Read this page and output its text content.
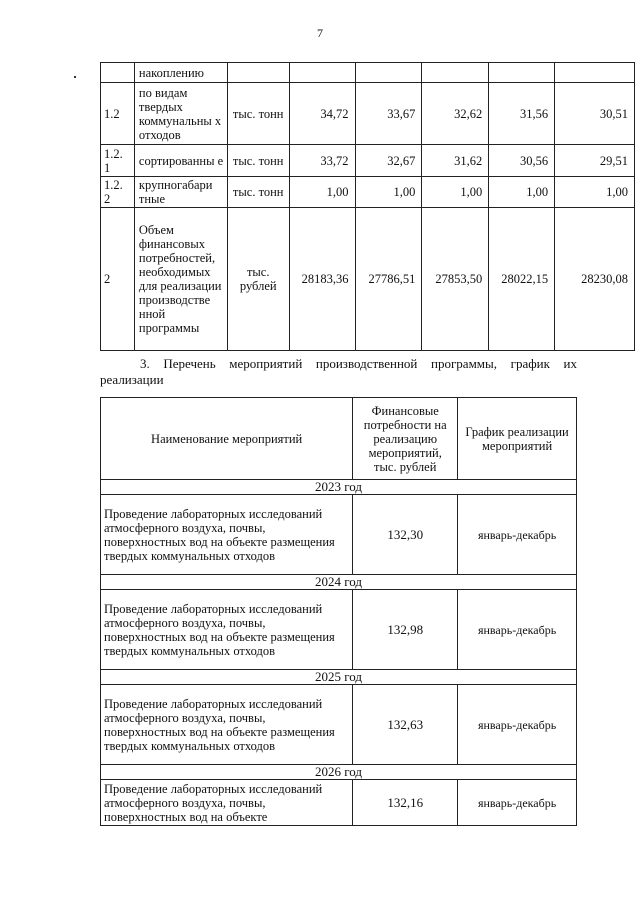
7
	накоплению						
1.2	по видам твердых коммунальны х отходов	тыс. тонн	34,72	33,67	32,62	31,56	30,51
1.2. 1	сортированны е	тыс. тонн	33,72	32,67	31,62	30,56	29,51
1.2. 2	крупногабари тные	тыс. тонн	1,00	1,00	1,00	1,00	1,00
2	Объем финансовых потребностей, необходимых для реализации производстве нной программы	тыс. рублей	28183,36	27786,51	27853,50	28022,15	28230,08
3. Перечень мероприятий производственной программы, график их реализации
Наименование мероприятий	Финансовые потребности на реализацию мероприятий, тыс. рублей	График реализации мероприятий
2023 год		
Проведение лабораторных исследований атмосферного воздуха, почвы, поверхностных вод на объекте размещения твердых коммунальных отходов	132,30	январь-декабрь
2024 год		
Проведение лабораторных исследований атмосферного воздуха, почвы, поверхностных вод на объекте размещения твердых коммунальных отходов	132,98	январь-декабрь
2025 год		
Проведение лабораторных исследований атмосферного воздуха, почвы, поверхностных вод на объекте размещения твердых коммунальных отходов	132,63	январь-декабрь
2026 год		
Проведение лабораторных исследований атмосферного воздуха, почвы, поверхностных вод на объекте	132,16	январь-декабрь
